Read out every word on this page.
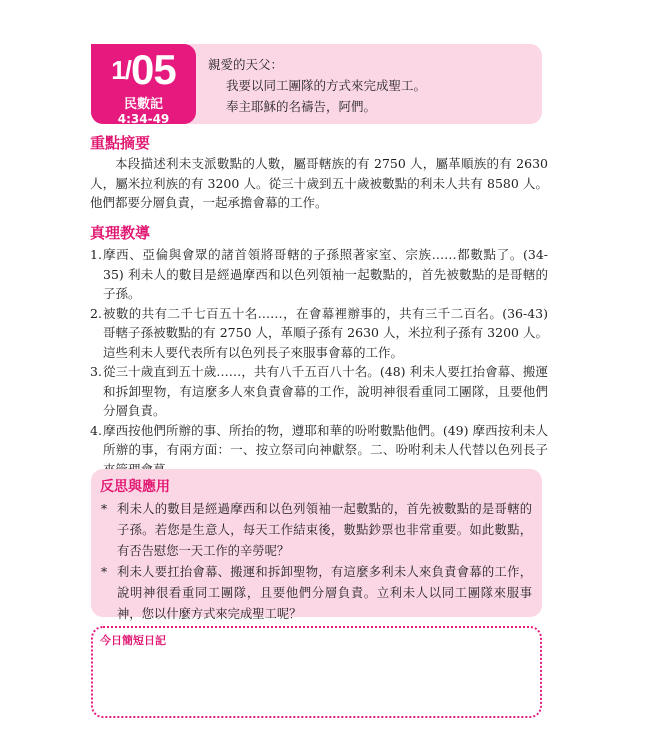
1/05
民數記
4:34-49
親愛的天父：
我要以同工團隊的方式來完成聖工。
奉主耶穌的名禱告，阿們。
重點摘要

本段描述利未支派數點的人數，屬哥轄族的有 2750 人，屬革順族的有 2630 人，屬米拉利族的有 3200 人。從三十歲到五十歲被數點的利未人共有 8580 人。他們都要分層負責，一起承擔會幕的工作。

真理教導
1. 摩西、亞倫與會眾的諸首領將哥轄的子孫照著家室、宗族……都數點了。(34-35) 利未人的數目是經過摩西和以色列領袖一起數點的，首先被數點的是哥轄的子孫。
2. 被數的共有二千七百五十名……，在會幕裡辦事的，共有三千二百名。(36-43) 哥轄子孫被數點的有 2750 人，革順子孫有 2630 人，米拉利子孫有 3200 人。這些利未人要代表所有以色列長子來服事會幕的工作。
3. 從三十歲直到五十歲……，共有八千五百八十名。(48) 利未人要扛抬會幕、搬運和拆卸聖物，有這麼多人來負責會幕的工作，說明神很看重同工團隊，且要他們分層負責。
4. 摩西按他們所辦的事、所抬的物，遵耶和華的吩咐數點他們。(49) 摩西按利未人所辦的事，有兩方面：一、按立祭司向神獻祭。二、吩咐利未人代替以色列長子
反思與應用
* 利未人的數目是經過摩西和以色列領袖一起數點的，首先被數點的是哥轄的子孫。若您是生意人，每天工作結束後，數點鈔票也非常重要。如此數點，有否告慰您一天工作的辛勞呢？
* 利未人要扛抬會幕、搬運和拆卸聖物，有這麼多利未人來負責會幕的工作，說明神很看重同工團隊，且要他們分層負責。立利未人以同工團隊來服事神，您以什麼方式來完成聖工呢？
今日簡短日記
